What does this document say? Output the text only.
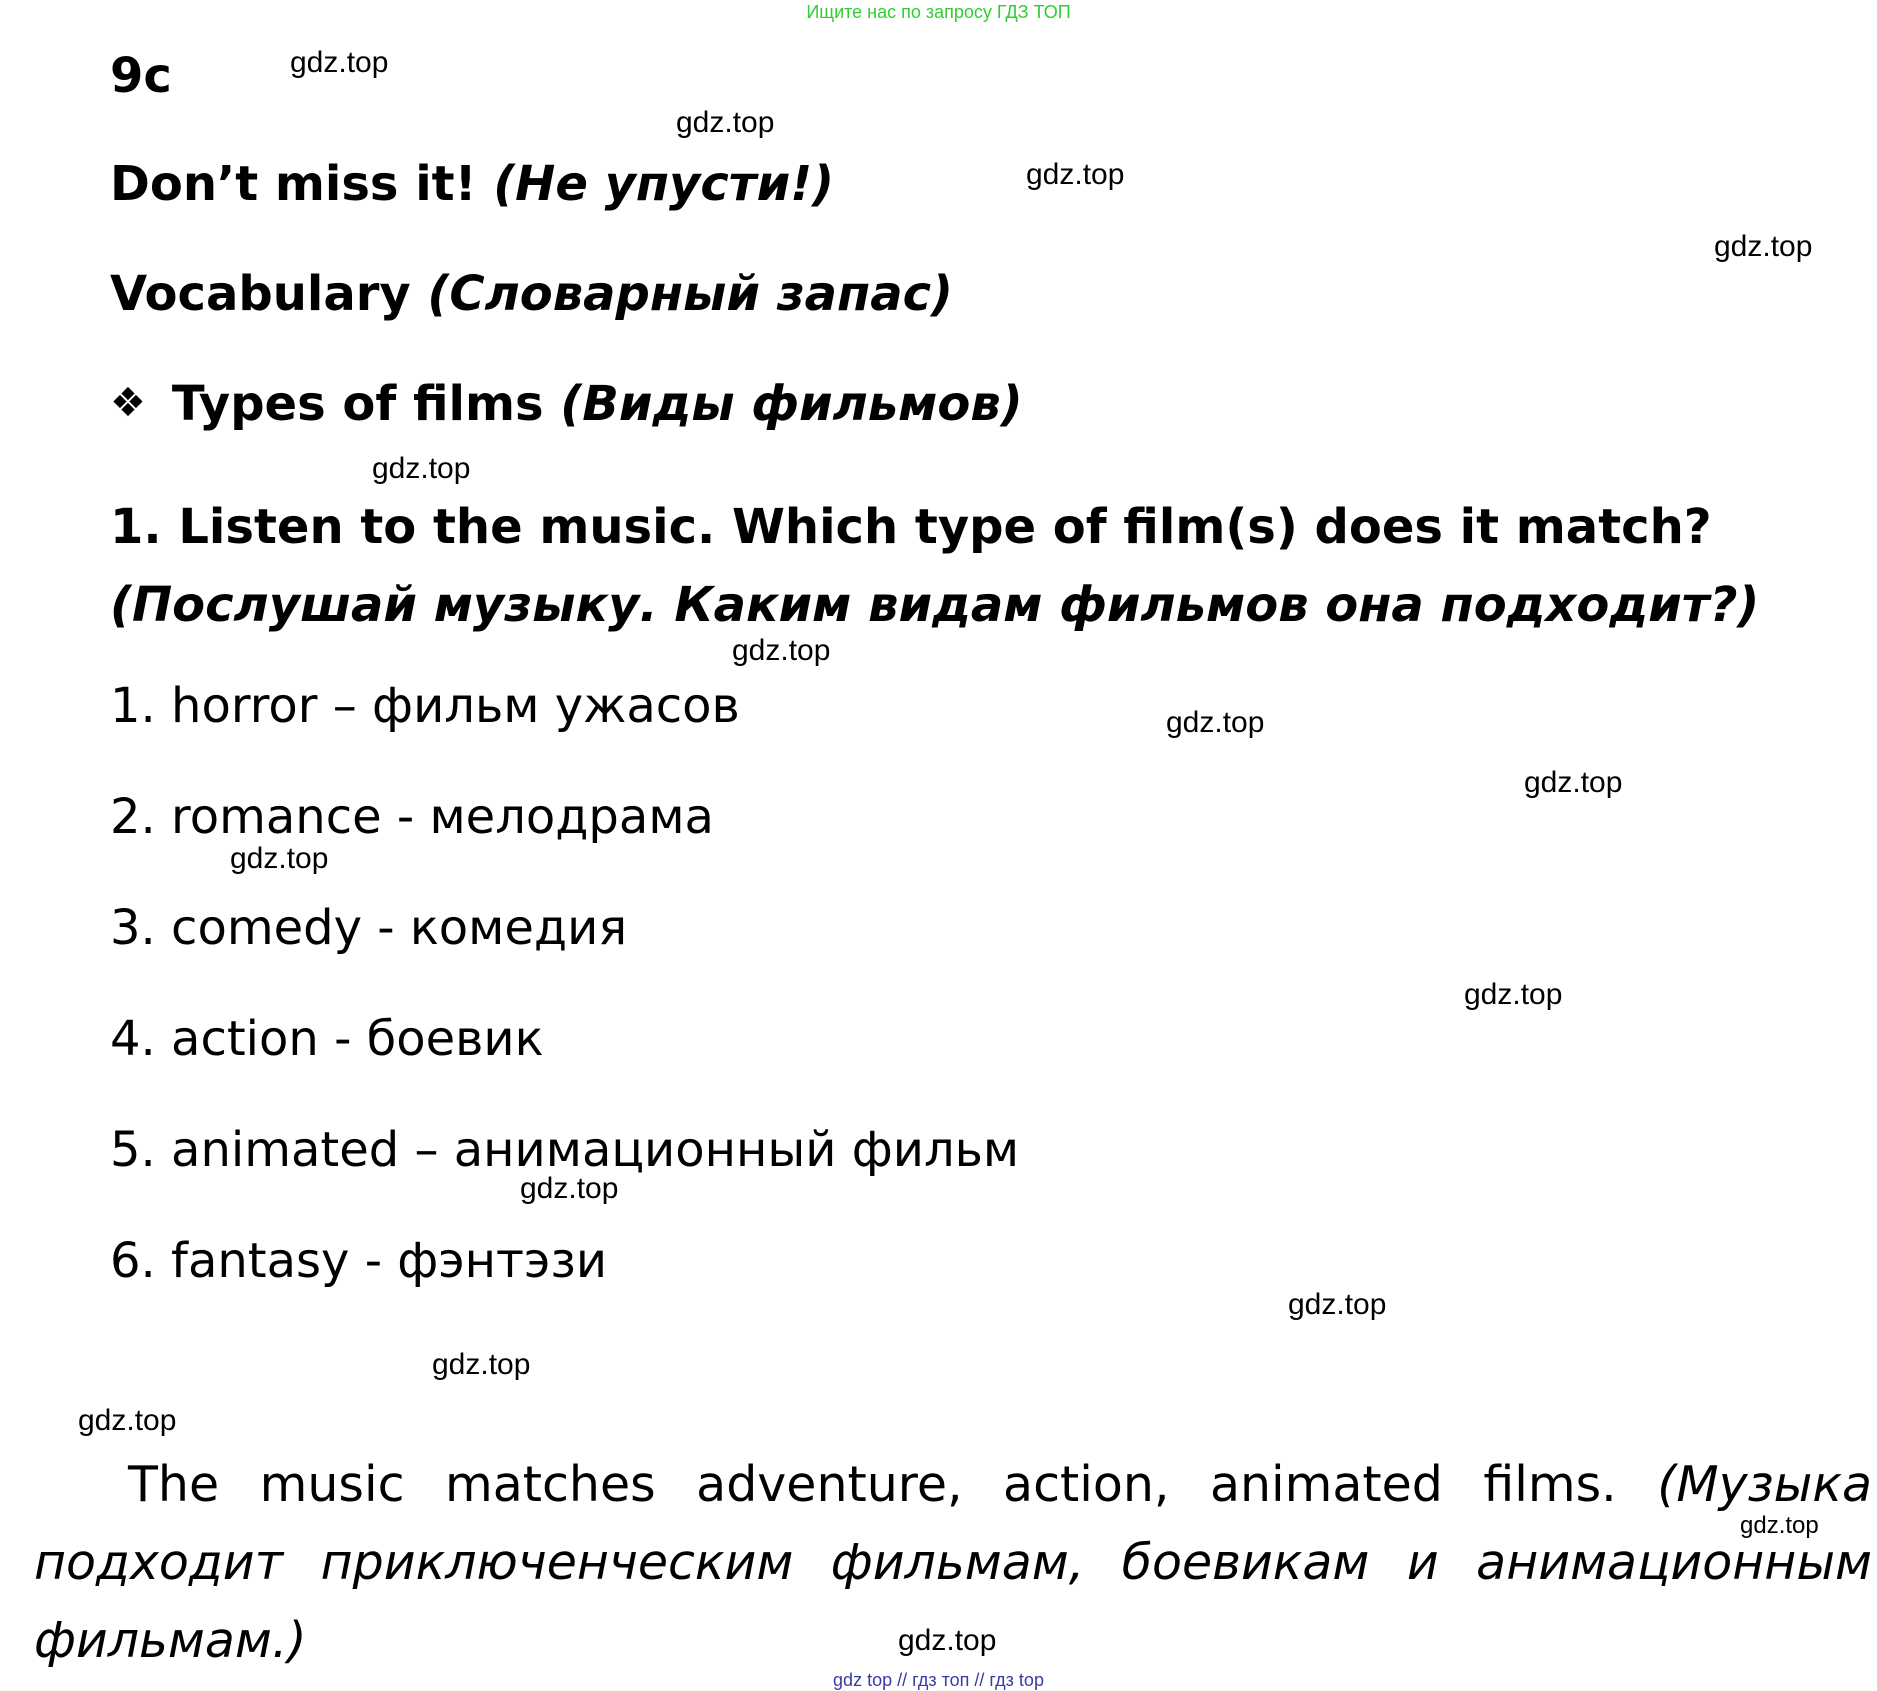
Ищите нас по запросу ГДЗ ТОП
9c
Don’t miss it! (Не упусти!)
Vocabulary (Словарный запас)
❖ Types of films (Виды фильмов)
1. Listen to the music. Which type of film(s) does it match? (Послушай музыку. Каким видам фильмов она подходит?)
1. horror – фильм ужасов
2. romance - мелодрама
3. comedy - комедия
4. action - боевик
5. animated – анимационный фильм
6. fantasy - фэнтэзи
The music matches adventure, action, animated films. (Музыка подходит приключенческим фильмам, боевикам и анимационным фильмам.)
gdz.top
gdz.top
gdz.top
gdz.top
gdz.top
gdz.top
gdz.top
gdz.top
gdz.top
gdz.top
gdz.top
gdz.top
gdz.top
gdz.top
gdz.top
gdz.top
gdz top // гдз топ // гдз top
